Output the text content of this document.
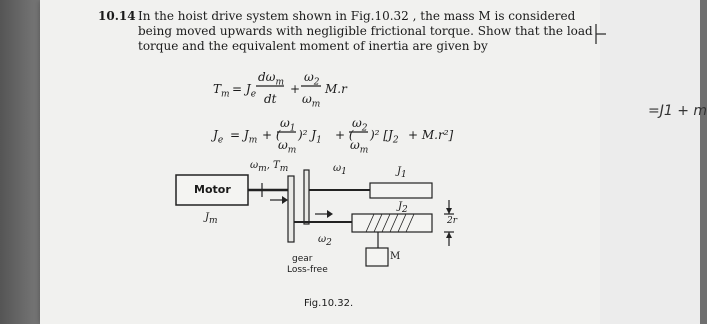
10.14 In the hoist drive system shown in Fig.10.32 , the mass M is considered
being moved upwards with negligible frictional torque. Show that the load
torque and the equivalent moment of inertia are given by
$T_m = J_e$
$d\omega_m$
dt
+
$\omega_2$
$\omega_m$
M.r
$J_e = J_m$ + (
$\omega_1$
$\omega_m$
)² $J_1$ + (
$\omega_2$
$\omega_m$
)² $[J_2 + M.r^2]$
Motor
$J_m$
$\omega_m$, $T_m$	$\omega_1$	$J_1$
$J_2$
$\omega_2$
2r
M
gear
Loss-free
Fig.10.32.
=J1 + m
